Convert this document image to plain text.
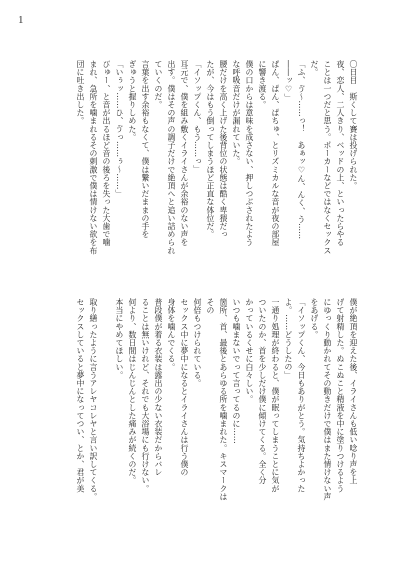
1
〇日目　斯くして賽は投げられた。
夜、恋人、二人きり、ベッドの上、といったらやる
ことは一つだと思う。ポーカーなどではなくセックス
だ。
「ふ、ゔ～……っ！　あぁッ♡ん、んく、う……
――ッ♡」
ぱん、ぱん、ぱちゅ、とリズミカルな音が夜の部屋
に響き渡る。
僕の口からは意味を成さない、押しつぶされたよう
な呼吸音だけが漏れていた。
腰だけを高く上げた後背位の状態は酷く卑猥だっ
たが、今はもう倒ってしまうほど正直な体位だ。
「イソップくん、もう……っ」
耳元で、僕を組み敷くイライさんが余裕のない声を
出す。僕はその声の調子だけで絶頂へと追い詰められ
ていくのだ。
言葉を出す余裕もなくて、僕は繋いだままの手を
ぎゅうと握りしめた。
「いぅッ……ひ、ゔっ……ぅ～……」
びゅー、と音が出るほど音の後ろを失った大歯で噛
まれ、急所を噛まれるその刺激で僕は情けない欲を布
団に吐き出した。
僕が絶頂を迎えた後、イライさんも低い唸り声を上
げて射精した。ぬこぬこと精液を中に塗りつけるよう
にゆっくり動かれてその動きだけで僕はまた情けない声
をあげる。
「イソップくん、今日もありがとう。気持ちよかった
よ。……どうしたの」
一通り処理が終わると、僕が眠ってしまうことに気が
ついたのか、首を少しだけ僕に傾けてくる。全く分
かっているくせに白々しい。
いつも噛まないでって言ってるのに……
箇所、首、最後とあらゆる所を噛まれた。キスマークはその
何倍もつけられている。
セックス中に夢中になるとイライさんは行う僕の
身体を噛んでくる。
普段僕が着る衣装は露出の少ない衣装だからバレ
ることは無いけれど、それでも大浴場にも行けない。
何より、数日間はじんじんとした痛みが続くのだ。
本当にやめてほしい。

取り繕ったように言うアレヤコレヤと言い訳してくる。
セックスしていると夢中になってつい、とか、君が美
